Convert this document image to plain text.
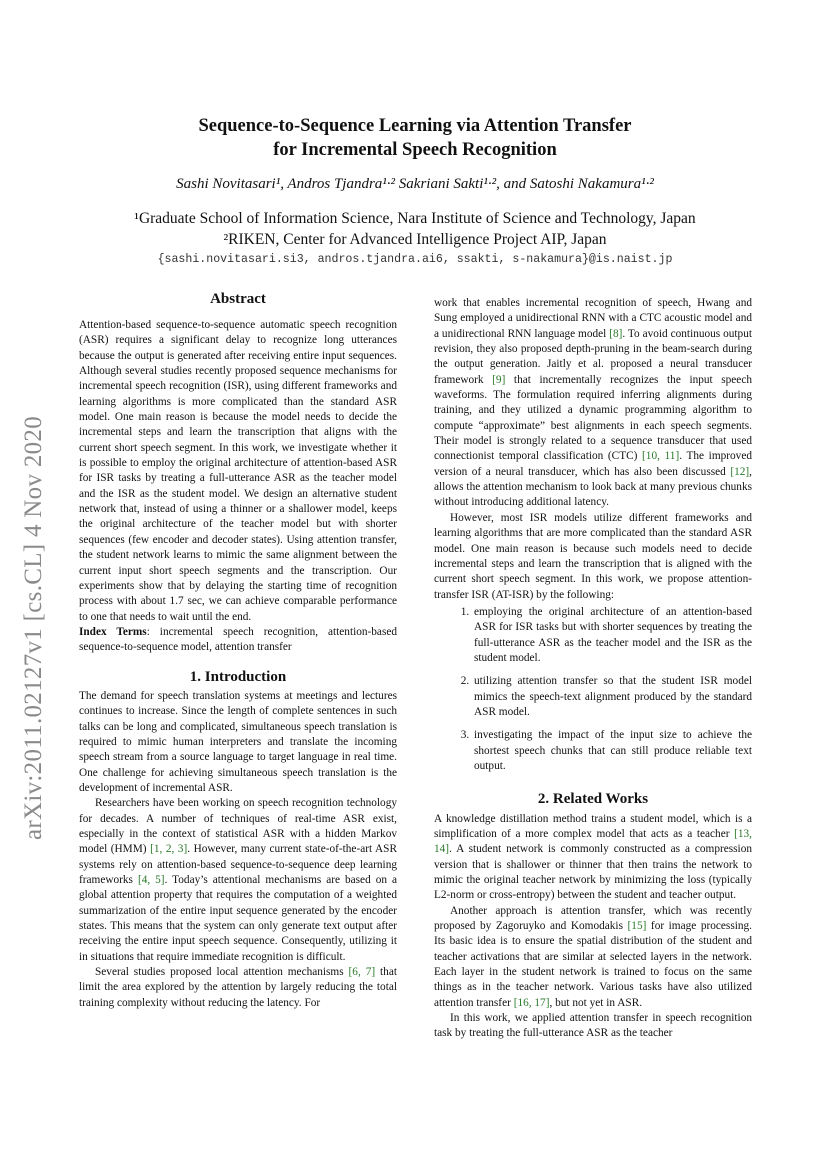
arXiv:2011.02127v1 [cs.CL] 4 Nov 2020
Sequence-to-Sequence Learning via Attention Transfer
for Incremental Speech Recognition
Sashi Novitasari¹, Andros Tjandra¹·² Sakriani Sakti¹·², and Satoshi Nakamura¹·²
¹Graduate School of Information Science, Nara Institute of Science and Technology, Japan
²RIKEN, Center for Advanced Intelligence Project AIP, Japan
{sashi.novitasari.si3, andros.tjandra.ai6, ssakti, s-nakamura}@is.naist.jp
Abstract

Attention-based sequence-to-sequence automatic speech recognition (ASR) requires a significant delay to recognize long utterances because the output is generated after receiving entire input sequences. Although several studies recently proposed sequence mechanisms for incremental speech recognition (ISR), using different frameworks and learning algorithms is more complicated than the standard ASR model. One main reason is because the model needs to decide the incremental steps and learn the transcription that aligns with the current short speech segment. In this work, we investigate whether it is possible to employ the original architecture of attention-based ASR for ISR tasks by treating a full-utterance ASR as the teacher model and the ISR as the student model. We design an alternative student network that, instead of using a thinner or a shallower model, keeps the original architecture of the teacher model but with shorter sequences (few encoder and decoder states). Using attention transfer, the student network learns to mimic the same alignment between the current input short speech segments and the transcription. Our experiments show that by delaying the starting time of recognition process with about 1.7 sec, we can achieve comparable performance to one that needs to wait until the end.

Index Terms: incremental speech recognition, attention-based sequence-to-sequence model, attention transfer

1. Introduction

The demand for speech translation systems at meetings and lectures continues to increase. Since the length of complete sentences in such talks can be long and complicated, simultaneous speech translation is required to mimic human interpreters and translate the incoming speech stream from a source language to target language in real time. One challenge for achieving simultaneous speech translation is the development of incremental ASR.

Researchers have been working on speech recognition technology for decades. A number of techniques of real-time ASR exist, especially in the context of statistical ASR with a hidden Markov model (HMM) [1, 2, 3]. However, many current state-of-the-art ASR systems rely on attention-based sequence-to-sequence deep learning frameworks [4, 5]. Today’s attentional mechanisms are based on a global attention property that requires the computation of a weighted summarization of the entire input sequence generated by the encoder states. This means that the system can only generate text output after receiving the entire input speech sequence. Consequently, utilizing it in situations that require immediate recognition is difficult.

Several studies proposed local attention mechanisms [6, 7] that limit the area explored by the attention by largely reducing the total training complexity without reducing the latency. For

work that enables incremental recognition of speech, Hwang and Sung employed a unidirectional RNN with a CTC acoustic model and a unidirectional RNN language model [8]. To avoid continuous output revision, they also proposed depth-pruning in the beam-search during the output generation. Jaitly et al. proposed a neural transducer framework [9] that incrementally recognizes the input speech waveforms. The formulation required inferring alignments during training, and they utilized a dynamic programming algorithm to compute “approximate” best alignments in each speech segments. Their model is strongly related to a sequence transducer that used connectionist temporal classification (CTC) [10, 11]. The improved version of a neural transducer, which has also been discussed [12], allows the attention mechanism to look back at many previous chunks without introducing additional latency.

However, most ISR models utilize different frameworks and learning algorithms that are more complicated than the standard ASR model. One main reason is because such models need to decide incremental steps and learn the transcription that is aligned with the current short speech segment. In this work, we propose attention-transfer ISR (AT-ISR) by the following:

1. employing the original architecture of an attention-based ASR for ISR tasks but with shorter sequences by treating the full-utterance ASR as the teacher model and the ISR as the student model.
2. utilizing attention transfer so that the student ISR model mimics the speech-text alignment produced by the standard ASR model.
3. investigating the impact of the input size to achieve the shortest speech chunks that can still produce reliable text output.
2. Related Works

A knowledge distillation method trains a student model, which is a simplification of a more complex model that acts as a teacher [13, 14]. A student network is commonly constructed as a compression version that is shallower or thinner that then trains the network to mimic the original teacher network by minimizing the loss (typically L2-norm or cross-entropy) between the student and teacher output.

Another approach is attention transfer, which was recently proposed by Zagoruyko and Komodakis [15] for image processing. Its basic idea is to ensure the spatial distribution of the student and teacher activations that are similar at selected layers in the network. Each layer in the student network is trained to focus on the same things as in the teacher network. Various tasks have also utilized attention transfer [16, 17], but not yet in ASR.

In this work, we applied attention transfer in speech recognition task by treating the full-utterance ASR as the teacher
